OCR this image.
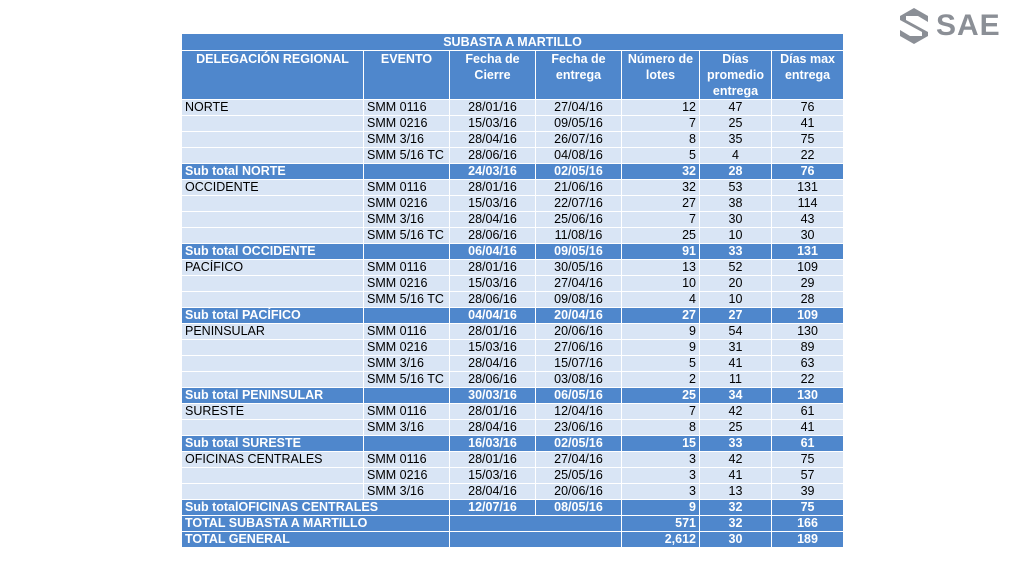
SAE
SUBASTA A MARTILLO						
DELEGACIÓN REGIONAL	EVENTO	Fecha de Cierre	Fecha de entrega	Número de lotes	Días promedio entrega	Días max entrega
NORTE	SMM 0116	28/01/16	27/04/16	12	47	76
	SMM 0216	15/03/16	09/05/16	7	25	41
	SMM 3/16	28/04/16	26/07/16	8	35	75
	SMM 5/16 TC	28/06/16	04/08/16	5	4	22
Sub total NORTE		24/03/16	02/05/16	32	28	76
OCCIDENTE	SMM 0116	28/01/16	21/06/16	32	53	131
	SMM 0216	15/03/16	22/07/16	27	38	114
	SMM 3/16	28/04/16	25/06/16	7	30	43
	SMM 5/16 TC	28/06/16	11/08/16	25	10	30
Sub total OCCIDENTE		06/04/16	09/05/16	91	33	131
PACÍFICO	SMM 0116	28/01/16	30/05/16	13	52	109
	SMM 0216	15/03/16	27/04/16	10	20	29
	SMM 5/16 TC	28/06/16	09/08/16	4	10	28
Sub total PACÍFICO		04/04/16	20/04/16	27	27	109
PENINSULAR	SMM 0116	28/01/16	20/06/16	9	54	130
	SMM 0216	15/03/16	27/06/16	9	31	89
	SMM 3/16	28/04/16	15/07/16	5	41	63
	SMM 5/16 TC	28/06/16	03/08/16	2	11	22
Sub total PENINSULAR		30/03/16	06/05/16	25	34	130
SURESTE	SMM 0116	28/01/16	12/04/16	7	42	61
	SMM 3/16	28/04/16	23/06/16	8	25	41
Sub total SURESTE		16/03/16	02/05/16	15	33	61
OFICINAS CENTRALES	SMM 0116	28/01/16	27/04/16	3	42	75
	SMM 0216	15/03/16	25/05/16	3	41	57
	SMM 3/16	28/04/16	20/06/16	3	13	39
Sub totalOFICINAS CENTRALES		12/07/16	08/05/16	9	32	75
TOTAL SUBASTA A MARTILLO				571	32	166
TOTAL GENERAL				2,612	30	189
